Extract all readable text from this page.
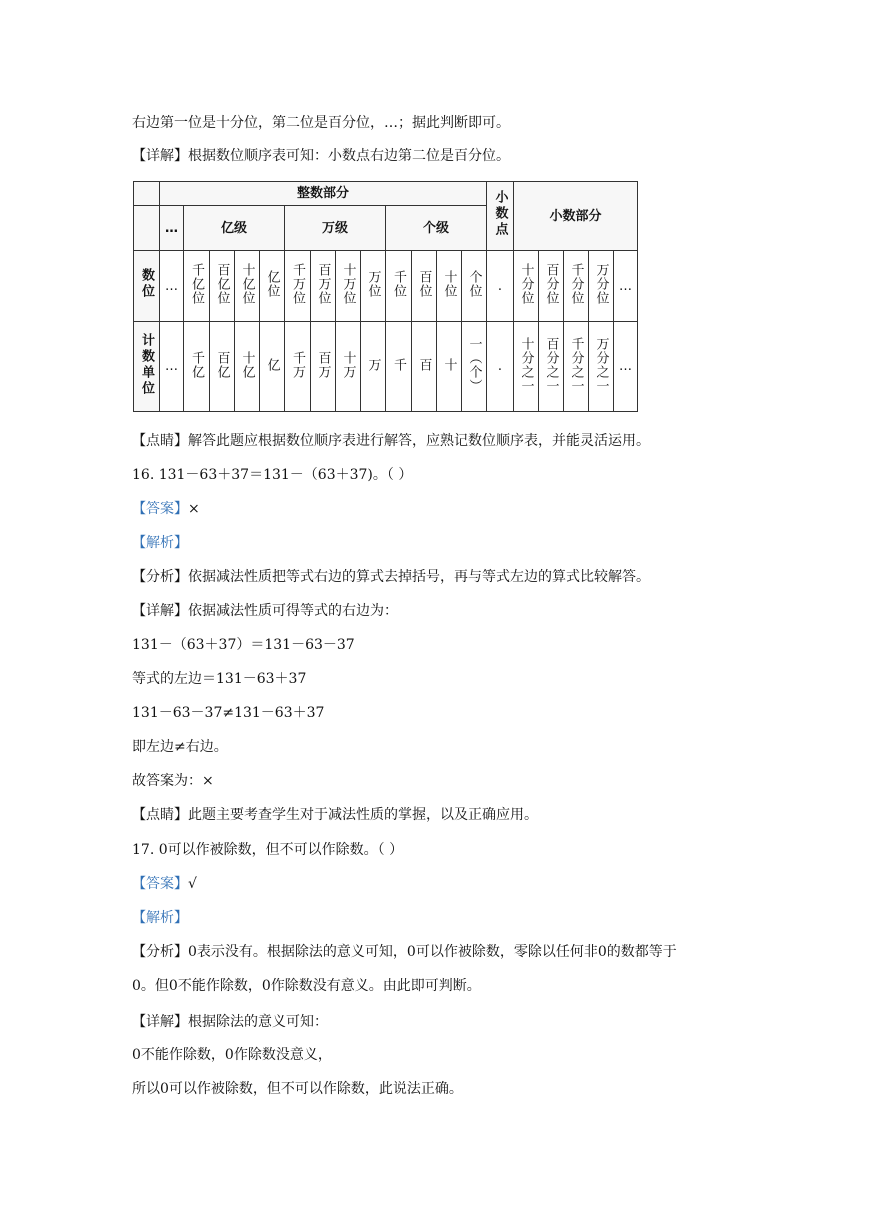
右边第一位是十分位，第二位是百分位，…；据此判断即可。
【详解】根据数位顺序表可知：小数点右边第二位是百分位。
	整数部分													小数点	小数部分				
	…	亿级				万级				个级									
数位	…	千亿位	百亿位	十亿位	亿位	千万位	百万位	十万位	万位	千位	百位	十位	个位	.	十分位	百分位	千分位	万分位	…
计数单位	…	千亿	百亿	十亿	亿	千万	百万	十万	万	千	百	十	一（个）	.	十分之一	百分之一	千分之一	万分之一	…
【点睛】解答此题应根据数位顺序表进行解答，应熟记数位顺序表，并能灵活运用。
16. 131－63＋37＝131－（63＋37)。（ ）
【答案】×
【解析】
【分析】依据减法性质把等式右边的算式去掉括号，再与等式左边的算式比较解答。
【详解】依据减法性质可得等式的右边为：
131－（63＋37）＝131－63－37
等式的左边＝131－63＋37
131－63－37≠131－63＋37
即左边≠右边。
故答案为：×
【点睛】此题主要考查学生对于减法性质的掌握，以及正确应用。
17. 0可以作被除数，但不可以作除数。（ ）
【答案】√
【解析】
【分析】0表示没有。根据除法的意义可知，0可以作被除数，零除以任何非0的数都等于
0。但0不能作除数，0作除数没有意义。由此即可判断。
【详解】根据除法的意义可知：
0不能作除数，0作除数没意义，
所以0可以作被除数，但不可以作除数，此说法正确。
